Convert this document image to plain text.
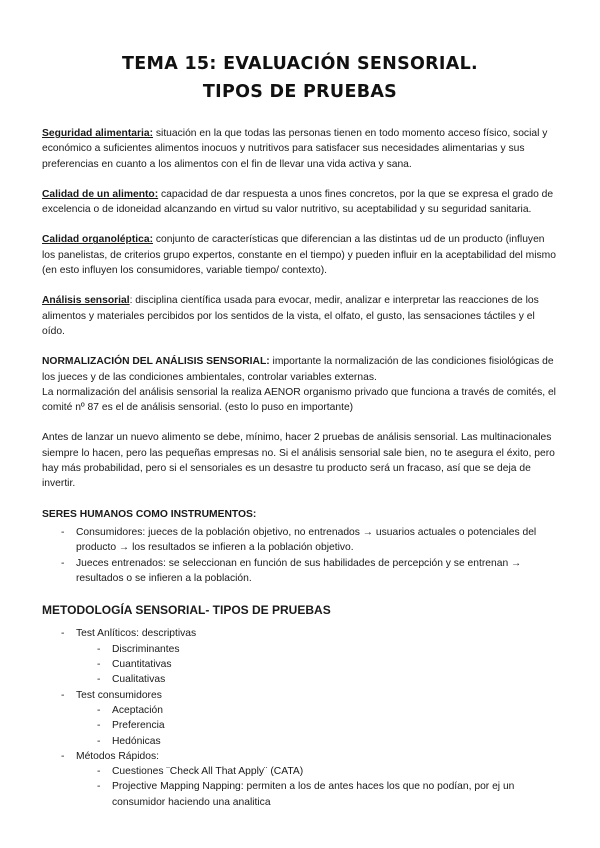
TEMA 15: EVALUACIÓN SENSORIAL.
TIPOS DE PRUEBAS

Seguridad alimentaria: situación en la que todas las personas tienen en todo momento acceso físico, social y económico a suficientes alimentos inocuos y nutritivos para satisfacer sus necesidades alimentarias y sus preferencias en cuanto a los alimentos con el fin de llevar una vida activa y sana.

Calidad de un alimento: capacidad de dar respuesta a unos fines concretos, por la que se expresa el grado de excelencia o de idoneidad alcanzando en virtud su valor nutritivo, su aceptabilidad y su seguridad sanitaria.

Calidad organoléptica: conjunto de características que diferencian a las distintas ud de un producto (influyen los panelistas, de criterios grupo expertos, constante en el tiempo) y pueden influir en la aceptabilidad del mismo (en esto influyen los consumidores, variable tiempo/ contexto).

Análisis sensorial: disciplina científica usada para evocar, medir, analizar e interpretar las reacciones de los alimentos y materiales percibidos por los sentidos de la vista, el olfato, el gusto, las sensaciones táctiles y el oído.

NORMALIZACIÓN DEL ANÁLISIS SENSORIAL: importante la normalización de las condiciones fisiológicas de los jueces y de las condiciones ambientales, controlar variables externas.
La normalización del análisis sensorial la realiza AENOR organismo privado que funciona a través de comités, el comité nº 87 es el de análisis sensorial. (esto lo puso en importante)

Antes de lanzar un nuevo alimento se debe, mínimo, hacer 2 pruebas de análisis sensorial. Las multinacionales siempre lo hacen, pero las pequeñas empresas no. Si el análisis sensorial sale bien, no te asegura el éxito, pero hay más probabilidad, pero si el sensoriales es un desastre tu producto será un fracaso, así que se deja de invertir.

SERES HUMANOS COMO INSTRUMENTOS:
- Consumidores: jueces de la población objetivo, no entrenados → usuarios actuales o potenciales del producto → los resultados se infieren a la población objetivo.
- Jueces entrenados: se seleccionan en función de sus habilidades de percepción y se entrenan → resultados o se infieren a la población.
METODOLOGÍA SENSORIAL- TIPOS DE PRUEBAS
- Test Anlíticos: descriptivas
- Discriminantes
- Cuantitativas
- Cualitativas
- Test consumidores
- Aceptación
- Preferencia
- Hedónicas
- Métodos Rápidos:
- Cuestiones ¨Check All That Apply¨ (CATA)
- Projective Mapping Napping: permiten a los de antes haces los que no podían, por ej un consumidor haciendo una analitica
